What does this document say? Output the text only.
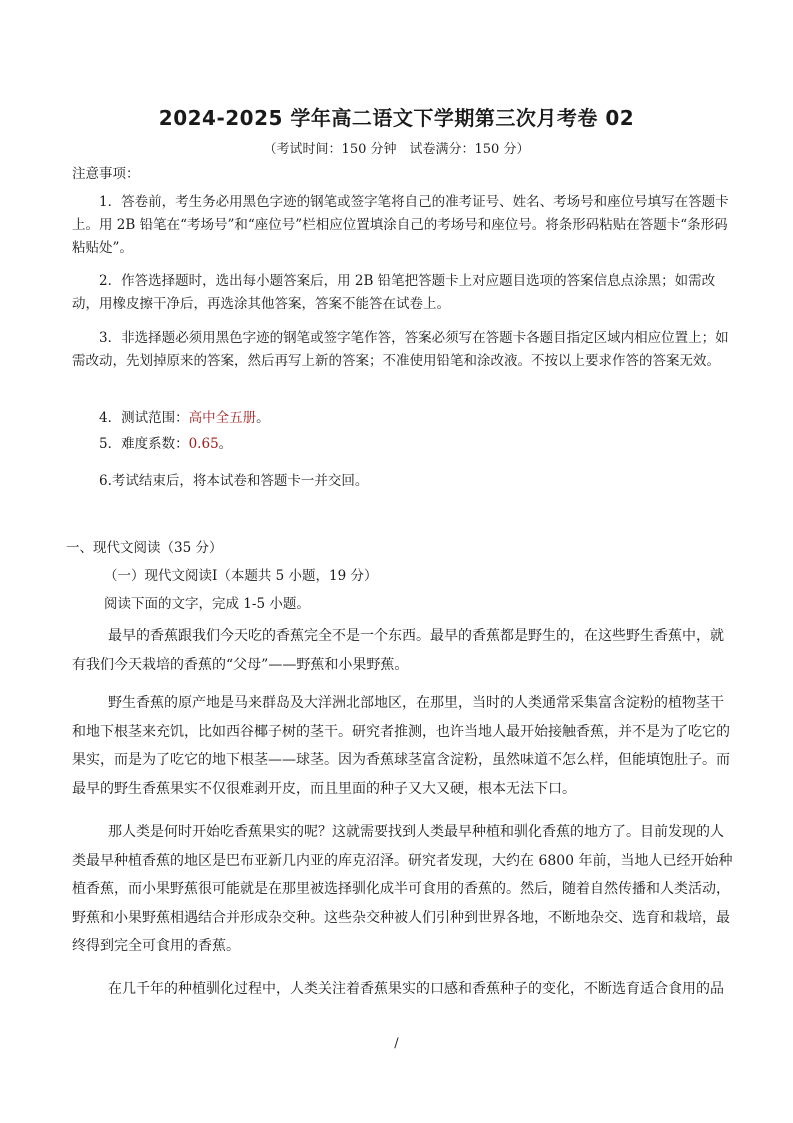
2024-2025 学年高二语文下学期第三次月考卷 02

（考试时间：150 分钟　试卷满分：150 分）

注意事项：

1．答卷前，考生务必用黑色字迹的钢笔或签字笔将自己的准考证号、姓名、考场号和座位号填写在答题卡上。用 2B 铅笔在“考场号”和“座位号”栏相应位置填涂自己的考场号和座位号。将条形码粘贴在答题卡“条形码粘贴处”。

2．作答选择题时，选出每小题答案后，用 2B 铅笔把答题卡上对应题目选项的答案信息点涂黑；如需改动，用橡皮擦干净后，再选涂其他答案，答案不能答在试卷上。

3．非选择题必须用黑色字迹的钢笔或签字笔作答，答案必须写在答题卡各题目指定区域内相应位置上；如需改动，先划掉原来的答案，然后再写上新的答案；不准使用铅笔和涂改液。不按以上要求作答的答案无效。

4．测试范围：高中全五册。

5．难度系数：0.65。

6.考试结束后，将本试卷和答题卡一并交回。

一、现代文阅读（35 分）

（一）现代文阅读Ⅰ（本题共 5 小题，19 分）

阅读下面的文字，完成 1-5 小题。

最早的香蕉跟我们今天吃的香蕉完全不是一个东西。最早的香蕉都是野生的，在这些野生香蕉中，就有我们今天栽培的香蕉的“父母”——野蕉和小果野蕉。

野生香蕉的原产地是马来群岛及大洋洲北部地区，在那里，当时的人类通常采集富含淀粉的植物茎干和地下根茎来充饥，比如西谷椰子树的茎干。研究者推测，也许当地人最开始接触香蕉，并不是为了吃它的果实，而是为了吃它的地下根茎——球茎。因为香蕉球茎富含淀粉，虽然味道不怎么样，但能填饱肚子。而最早的野生香蕉果实不仅很难剥开皮，而且里面的种子又大又硬，根本无法下口。

那人类是何时开始吃香蕉果实的呢？这就需要找到人类最早种植和驯化香蕉的地方了。目前发现的人类最早种植香蕉的地区是巴布亚新几内亚的库克沼泽。研究者发现，大约在 6800 年前，当地人已经开始种植香蕉，而小果野蕉很可能就是在那里被选择驯化成半可食用的香蕉的。然后，随着自然传播和人类活动，野蕉和小果野蕉相遇结合并形成杂交种。这些杂交种被人们引种到世界各地，不断地杂交、选育和栽培，最终得到完全可食用的香蕉。

在几千年的种植驯化过程中，人类关注着香蕉果实的口感和香蕉种子的变化，不断选育适合食用的品

/
